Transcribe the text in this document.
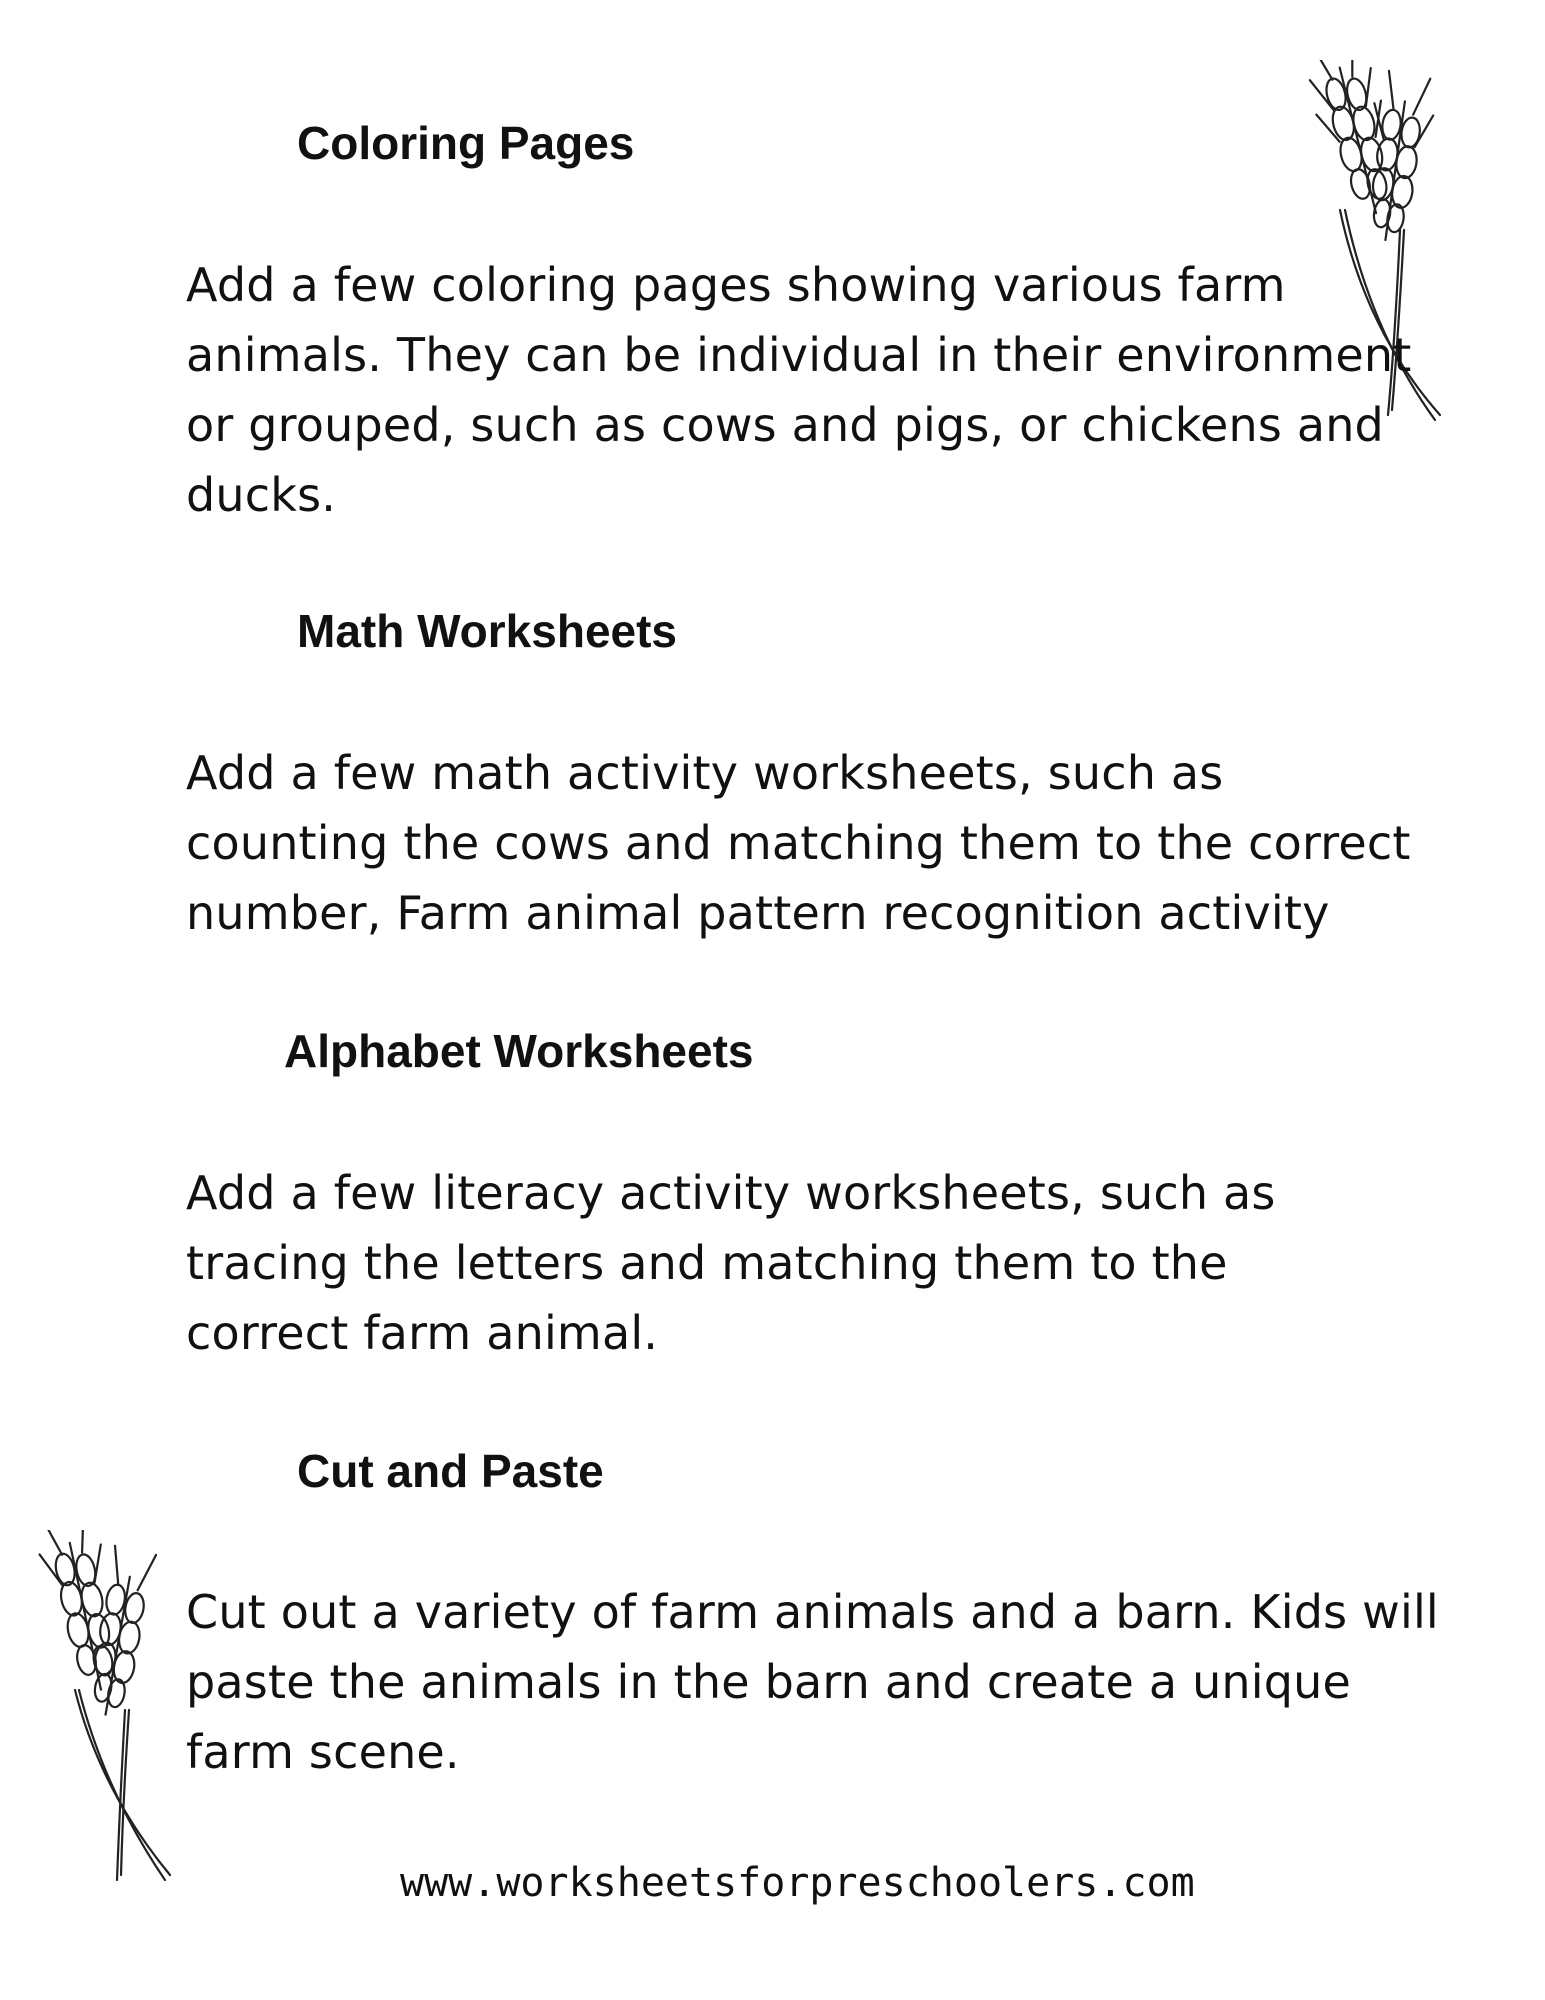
Coloring Pages
Add a few coloring pages showing various farm
animals. They can be individual in their environment
or grouped, such as cows and pigs, or chickens and
ducks.
Math Worksheets
Add a few math activity worksheets, such as
counting the cows and matching them to the correct
number, Farm animal pattern recognition activity
Alphabet Worksheets
Add a few literacy activity worksheets, such as
tracing the letters and matching them to the
correct farm animal.
Cut and Paste
Cut out a variety of farm animals and a barn. Kids will
paste the animals in the barn and create a unique
farm scene.
www.worksheetsforpreschoolers.com
